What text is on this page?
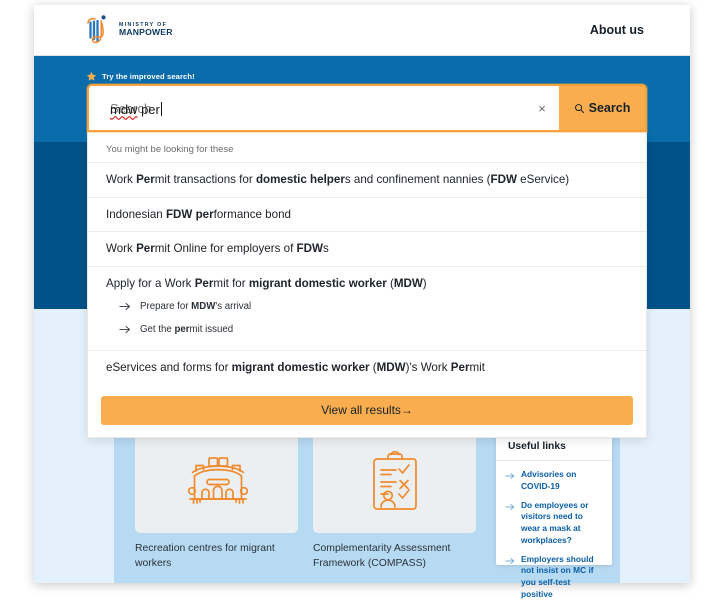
MINISTRY OF
MANPOWER	About us
Try the improved search!
Search
mdw per	×	Search
You might be looking for these
Work Permit transactions for domestic helpers and confinement nannies (FDW eService)
Indonesian FDW performance bond
Work Permit Online for employers of FDWs
Apply for a Work Permit for migrant domestic worker (MDW)
Prepare for MDW's arrival
Get the permit issued
eServices and forms for migrant domestic worker (MDW)'s Work Permit
View all results→
Recreation centres for migrant workers
Complementarity Assessment Framework (COMPASS)
Useful links
Advisories on COVID-19
Do employees or visitors need to wear a mask at workplaces?
Employers should not insist on MC if you self-test positive
